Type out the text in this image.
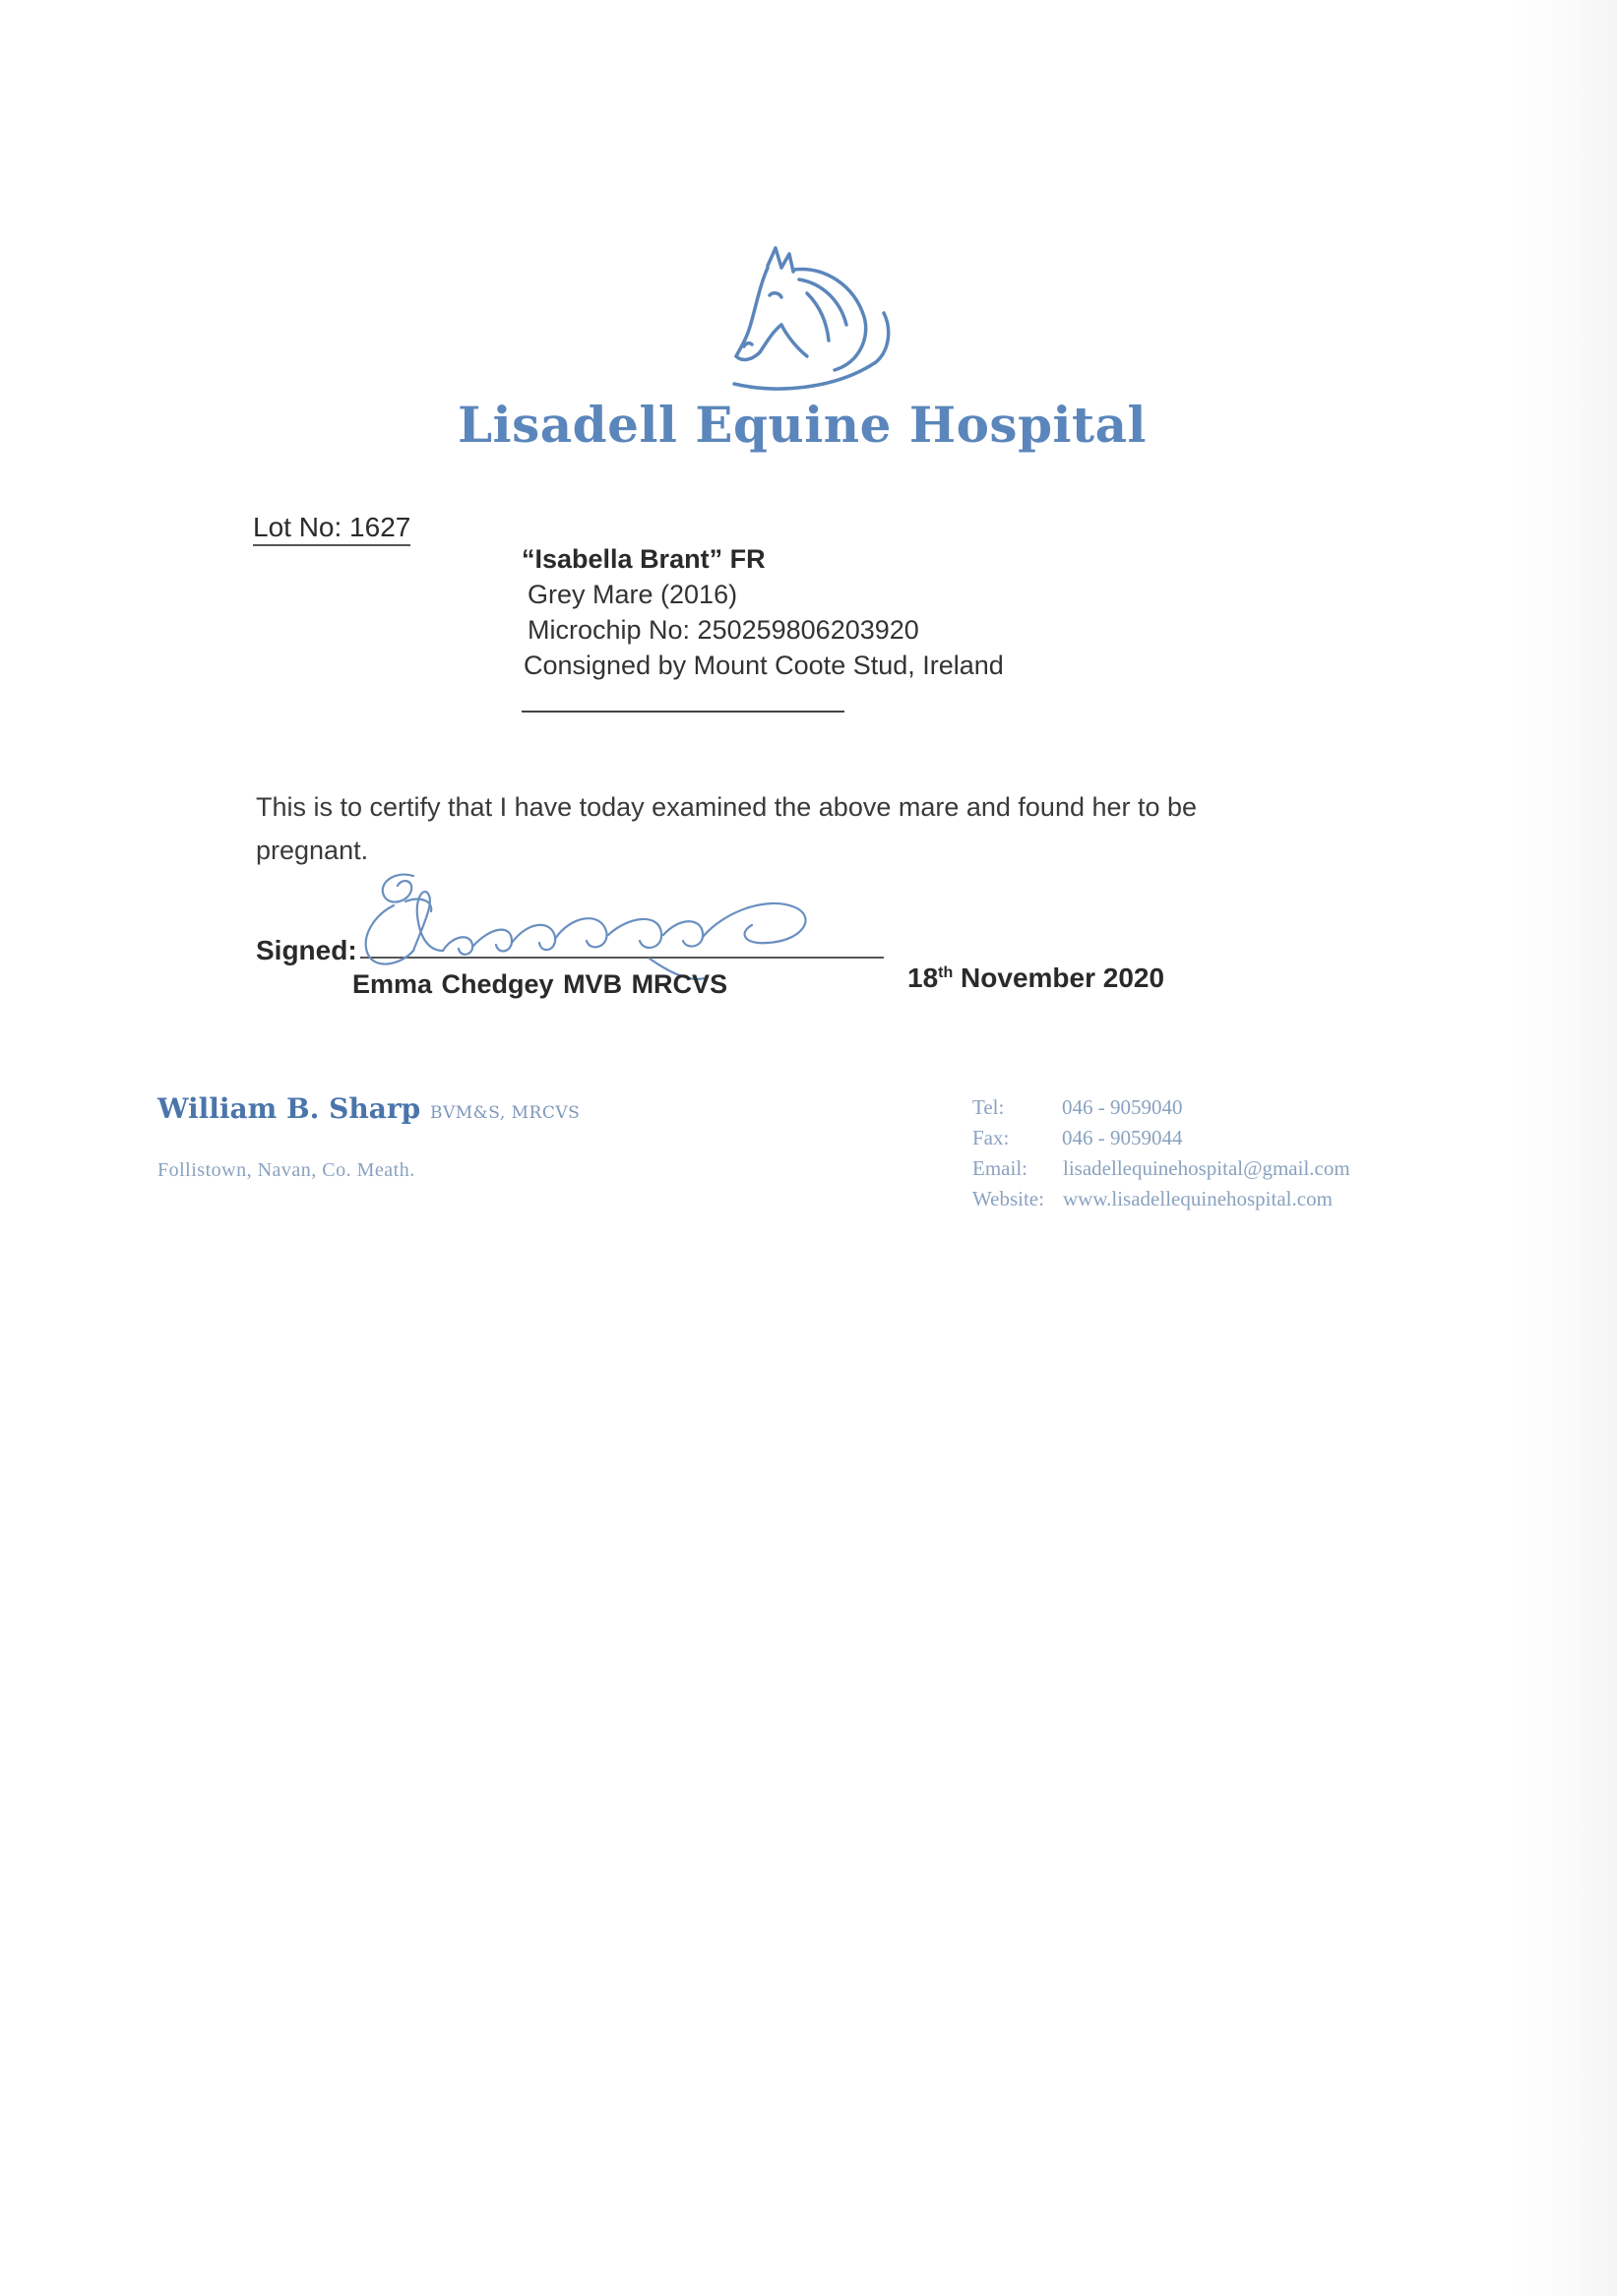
Lisadell Equine Hospital
Lot No: 1627
“Isabella Brant” FR
Grey Mare (2016)
Microchip No: 250259806203920
Consigned by Mount Coote Stud, Ireland
This is to certify that I have today examined the above mare and found her to be pregnant.
Signed:
Emma Chedgey MVB MRCVS	18th November 2020
William B. Sharp BVM&S, MRCVS
Follistown, Navan, Co. Meath.
Tel:	046 - 9059040
Fax:	046 - 9059044
Email:	lisadellequinehospital@gmail.com
Website: www.lisadellequinehospital.com
